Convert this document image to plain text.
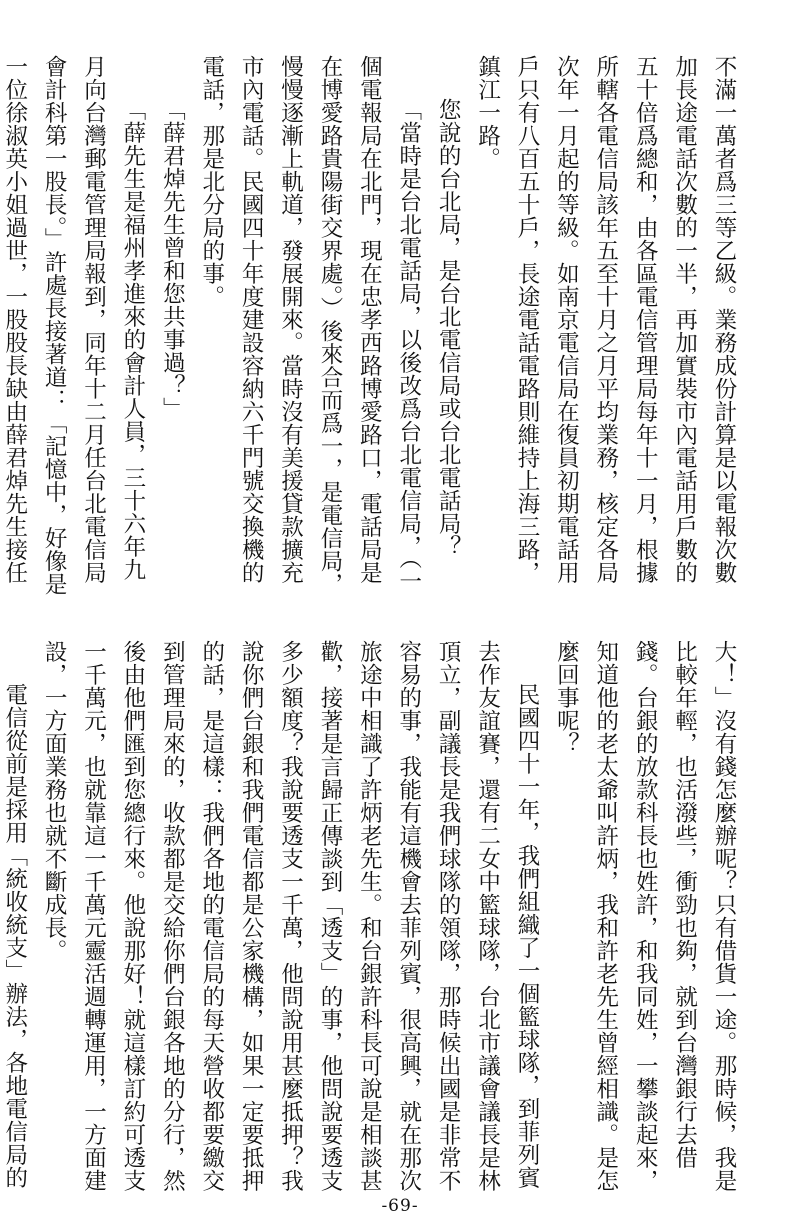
不滿一萬者爲三等乙級。業務成份計算是以電報次數加長途電話次數的一半，再加實裝市內電話用戶數的五十倍爲總和，由各區電信管理局每年十一月，根據所轄各電信局該年五至十月之月平均業務，核定各局次年一月起的等級。如南京電信局在復員初期電話用戶只有八百五十戶，長途電話電路則維持上海三路，鎮江一路。
您說的台北局，是台北電信局或台北電話局？
「當時是台北電話局，以後改爲台北電信局，（一個電報局在北門，現在忠孝西路博愛路口，電話局是在博愛路貴陽街交界處。）後來合而爲一，是電信局，慢慢逐漸上軌道，發展開來。當時沒有美援貸款擴充市內電話。民國四十年度建設容納六千門號交換機的電話，那是北分局的事。
「薛君焯先生曾和您共事過？」
「薛先生是福州孝進來的會計人員，三十六年九月向台灣郵電管理局報到，同年十二月任台北電信局會計科第一股長。」許處長接著道：「記憶中，好像是一位徐淑英小姐過世，一股股長缺由薛君焯先生接任
大！」沒有錢怎麼辦呢？只有借貨一途。那時候，我是比較年輕，也活潑些，衝勁也夠，就到台灣銀行去借錢。台銀的放款科長也姓許，和我同姓，一攀談起來，知道他的老太爺叫許炳，我和許老先生曾經相識。是怎麼回事呢？
民國四十一年，我們組織了一個籃球隊，到菲列賓去作友誼賽，還有二女中籃球隊，台北市議會議長是林頂立，副議長是我們球隊的領隊，那時候出國是非常不容易的事，我能有這機會去菲列賓，很高興，就在那次旅途中相識了許炳老先生。和台銀許科長可說是相談甚歡，接著是言歸正傳談到「透支」的事，他問說要透支多少額度？我說要透支一千萬，他問說用甚麼抵押？我說你們台銀和我們電信都是公家機構，如果一定要抵押的話，是這樣：我們各地的電信局的每天營收都要繳交到管理局來的，收款都是交給你們台銀各地的分行，然後由他們匯到您總行來。他說那好！就這樣訂約可透支一千萬元，也就靠這一千萬元靈活週轉運用，一方面建設，一方面業務也就不斷成長。
電信從前是採用「統收統支」辦法，各地電信局的
-69-
